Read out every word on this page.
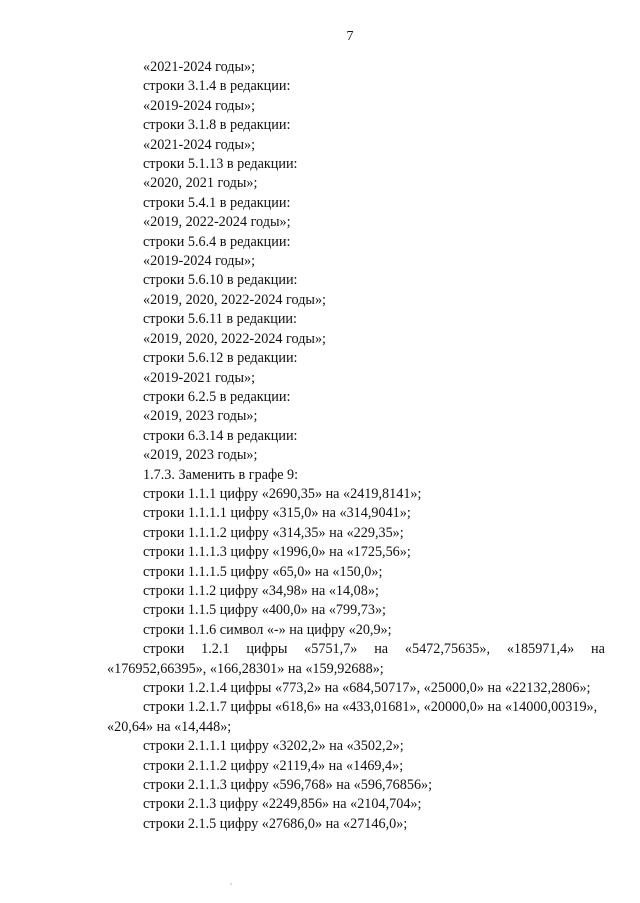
7
«2021-2024 годы»;
строки 3.1.4 в редакции:
«2019-2024 годы»;
строки 3.1.8 в редакции:
«2021-2024 годы»;
строки 5.1.13 в редакции:
«2020, 2021 годы»;
строки 5.4.1 в редакции:
«2019, 2022-2024 годы»;
строки 5.6.4 в редакции:
«2019-2024 годы»;
строки 5.6.10 в редакции:
«2019, 2020, 2022-2024 годы»;
строки 5.6.11 в редакции:
«2019, 2020, 2022-2024 годы»;
строки 5.6.12 в редакции:
«2019-2021 годы»;
строки 6.2.5 в редакции:
«2019, 2023 годы»;
строки 6.3.14 в редакции:
«2019, 2023 годы»;
1.7.3. Заменить в графе 9:
строки 1.1.1 цифру «2690,35» на «2419,8141»;
строки 1.1.1.1 цифру «315,0» на «314,9041»;
строки 1.1.1.2 цифру «314,35» на «229,35»;
строки 1.1.1.3 цифру «1996,0» на «1725,56»;
строки 1.1.1.5 цифру «65,0» на «150,0»;
строки 1.1.2 цифру «34,98» на «14,08»;
строки 1.1.5 цифру «400,0» на «799,73»;
строки 1.1.6 символ «-» на цифру «20,9»;
строки 1.2.1 цифры «5751,7» на «5472,75635», «185971,4» на
«176952,66395», «166,28301» на «159,92688»;
строки 1.2.1.4 цифры «773,2» на «684,50717», «25000,0» на «22132,2806»;
строки 1.2.1.7 цифры «618,6» на «433,01681», «20000,0» на «14000,00319»,
«20,64» на «14,448»;
строки 2.1.1.1 цифру «3202,2» на «3502,2»;
строки 2.1.1.2 цифру «2119,4» на «1469,4»;
строки 2.1.1.3 цифру «596,768» на «596,76856»;
строки 2.1.3 цифру «2249,856» на «2104,704»;
строки 2.1.5 цифру «27686,0» на «27146,0»;
